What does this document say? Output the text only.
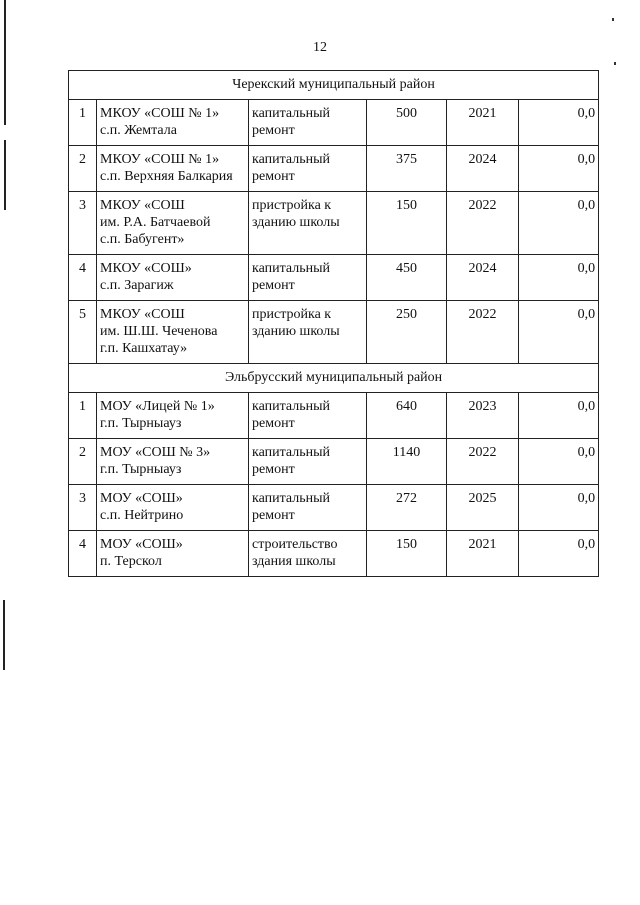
12
Черекский муниципальный район					
1	МКОУ «СОШ № 1»
с.п. Жемтала	капитальный
ремонт	500	2021	0,0
2	МКОУ «СОШ № 1»
с.п. Верхняя Балкария	капитальный
ремонт	375	2024	0,0
3	МКОУ «СОШ
им. Р.А. Батчаевой
с.п. Бабугент»	пристройка к
зданию школы	150	2022	0,0
4	МКОУ «СОШ»
с.п. Зарагиж	капитальный
ремонт	450	2024	0,0
5	МКОУ «СОШ
им. Ш.Ш. Чеченова
г.п. Кашхатау»	пристройка к
зданию школы	250	2022	0,0
Эльбрусский муниципальный район					
1	МОУ «Лицей № 1»
г.п. Тырныауз	капитальный
ремонт	640	2023	0,0
2	МОУ «СОШ № 3»
г.п. Тырныауз	капитальный
ремонт	1140	2022	0,0
3	МОУ «СОШ»
с.п. Нейтрино	капитальный
ремонт	272	2025	0,0
4	МОУ «СОШ»
п. Терскол	строительство
здания школы	150	2021	0,0
